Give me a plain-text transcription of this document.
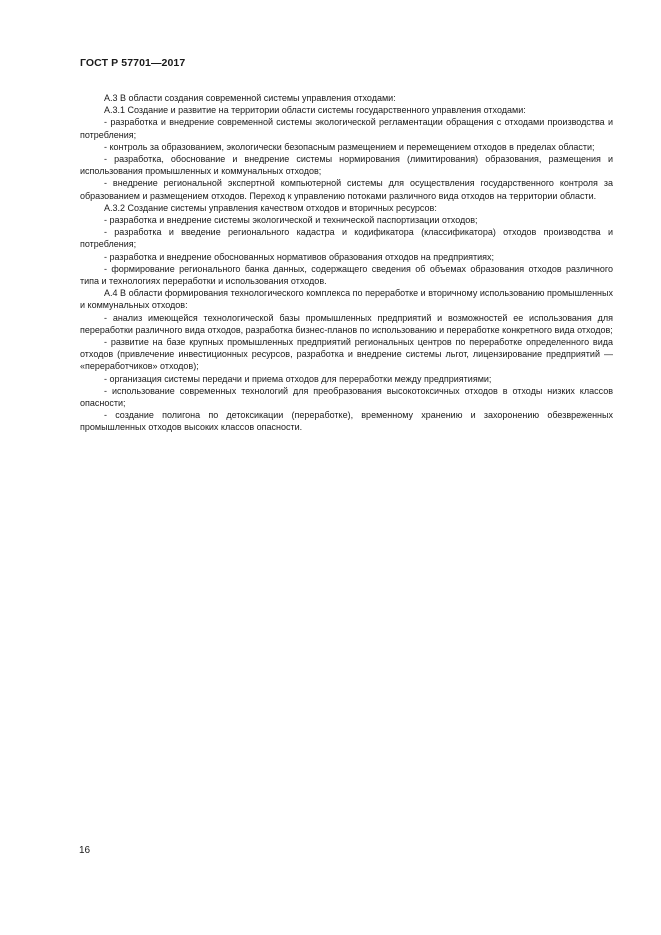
ГОСТ Р 57701—2017

А.3 В области создания современной системы управления отходами:

А.3.1 Создание и развитие на территории области системы государственного управления отходами:

- разработка и внедрение современной системы экологической регламентации обращения с отходами производства и потребления;

- контроль за образованием, экологически безопасным размещением и перемещением отходов в пределах области;

- разработка, обоснование и внедрение системы нормирования (лимитирования) образования, размещения и использования промышленных и коммунальных отходов;

- внедрение региональной экспертной компьютерной системы для осуществления государственного контроля за образованием и размещением отходов. Переход к управлению потоками различного вида отходов на территории области.

А.3.2 Создание системы управления качеством отходов и вторичных ресурсов:

- разработка и внедрение системы экологической и технической паспортизации отходов;

- разработка и введение регионального кадастра и кодификатора (классификатора) отходов производства и потребления;

- разработка и внедрение обоснованных нормативов образования отходов на предприятиях;

- формирование регионального банка данных, содержащего сведения об объемах образования отходов различного типа и технологиях переработки и использования отходов.

А.4 В области формирования технологического комплекса по переработке и вторичному использованию промышленных и коммунальных отходов:

- анализ имеющейся технологической базы промышленных предприятий и возможностей ее использования для переработки различного вида отходов, разработка бизнес-планов по использованию и переработке конкретного вида отходов;

- развитие на базе крупных промышленных предприятий региональных центров по переработке определенного вида отходов (привлечение инвестиционных ресурсов, разработка и внедрение системы льгот, лицензирование предприятий — «переработчиков» отходов);

- организация системы передачи и приема отходов для переработки между предприятиями;

- использование современных технологий для преобразования высокотоксичных отходов в отходы низких классов опасности;

- создание полигона по детоксикации (переработке), временному хранению и захоронению обезвреженных промышленных отходов высоких классов опасности.

16
